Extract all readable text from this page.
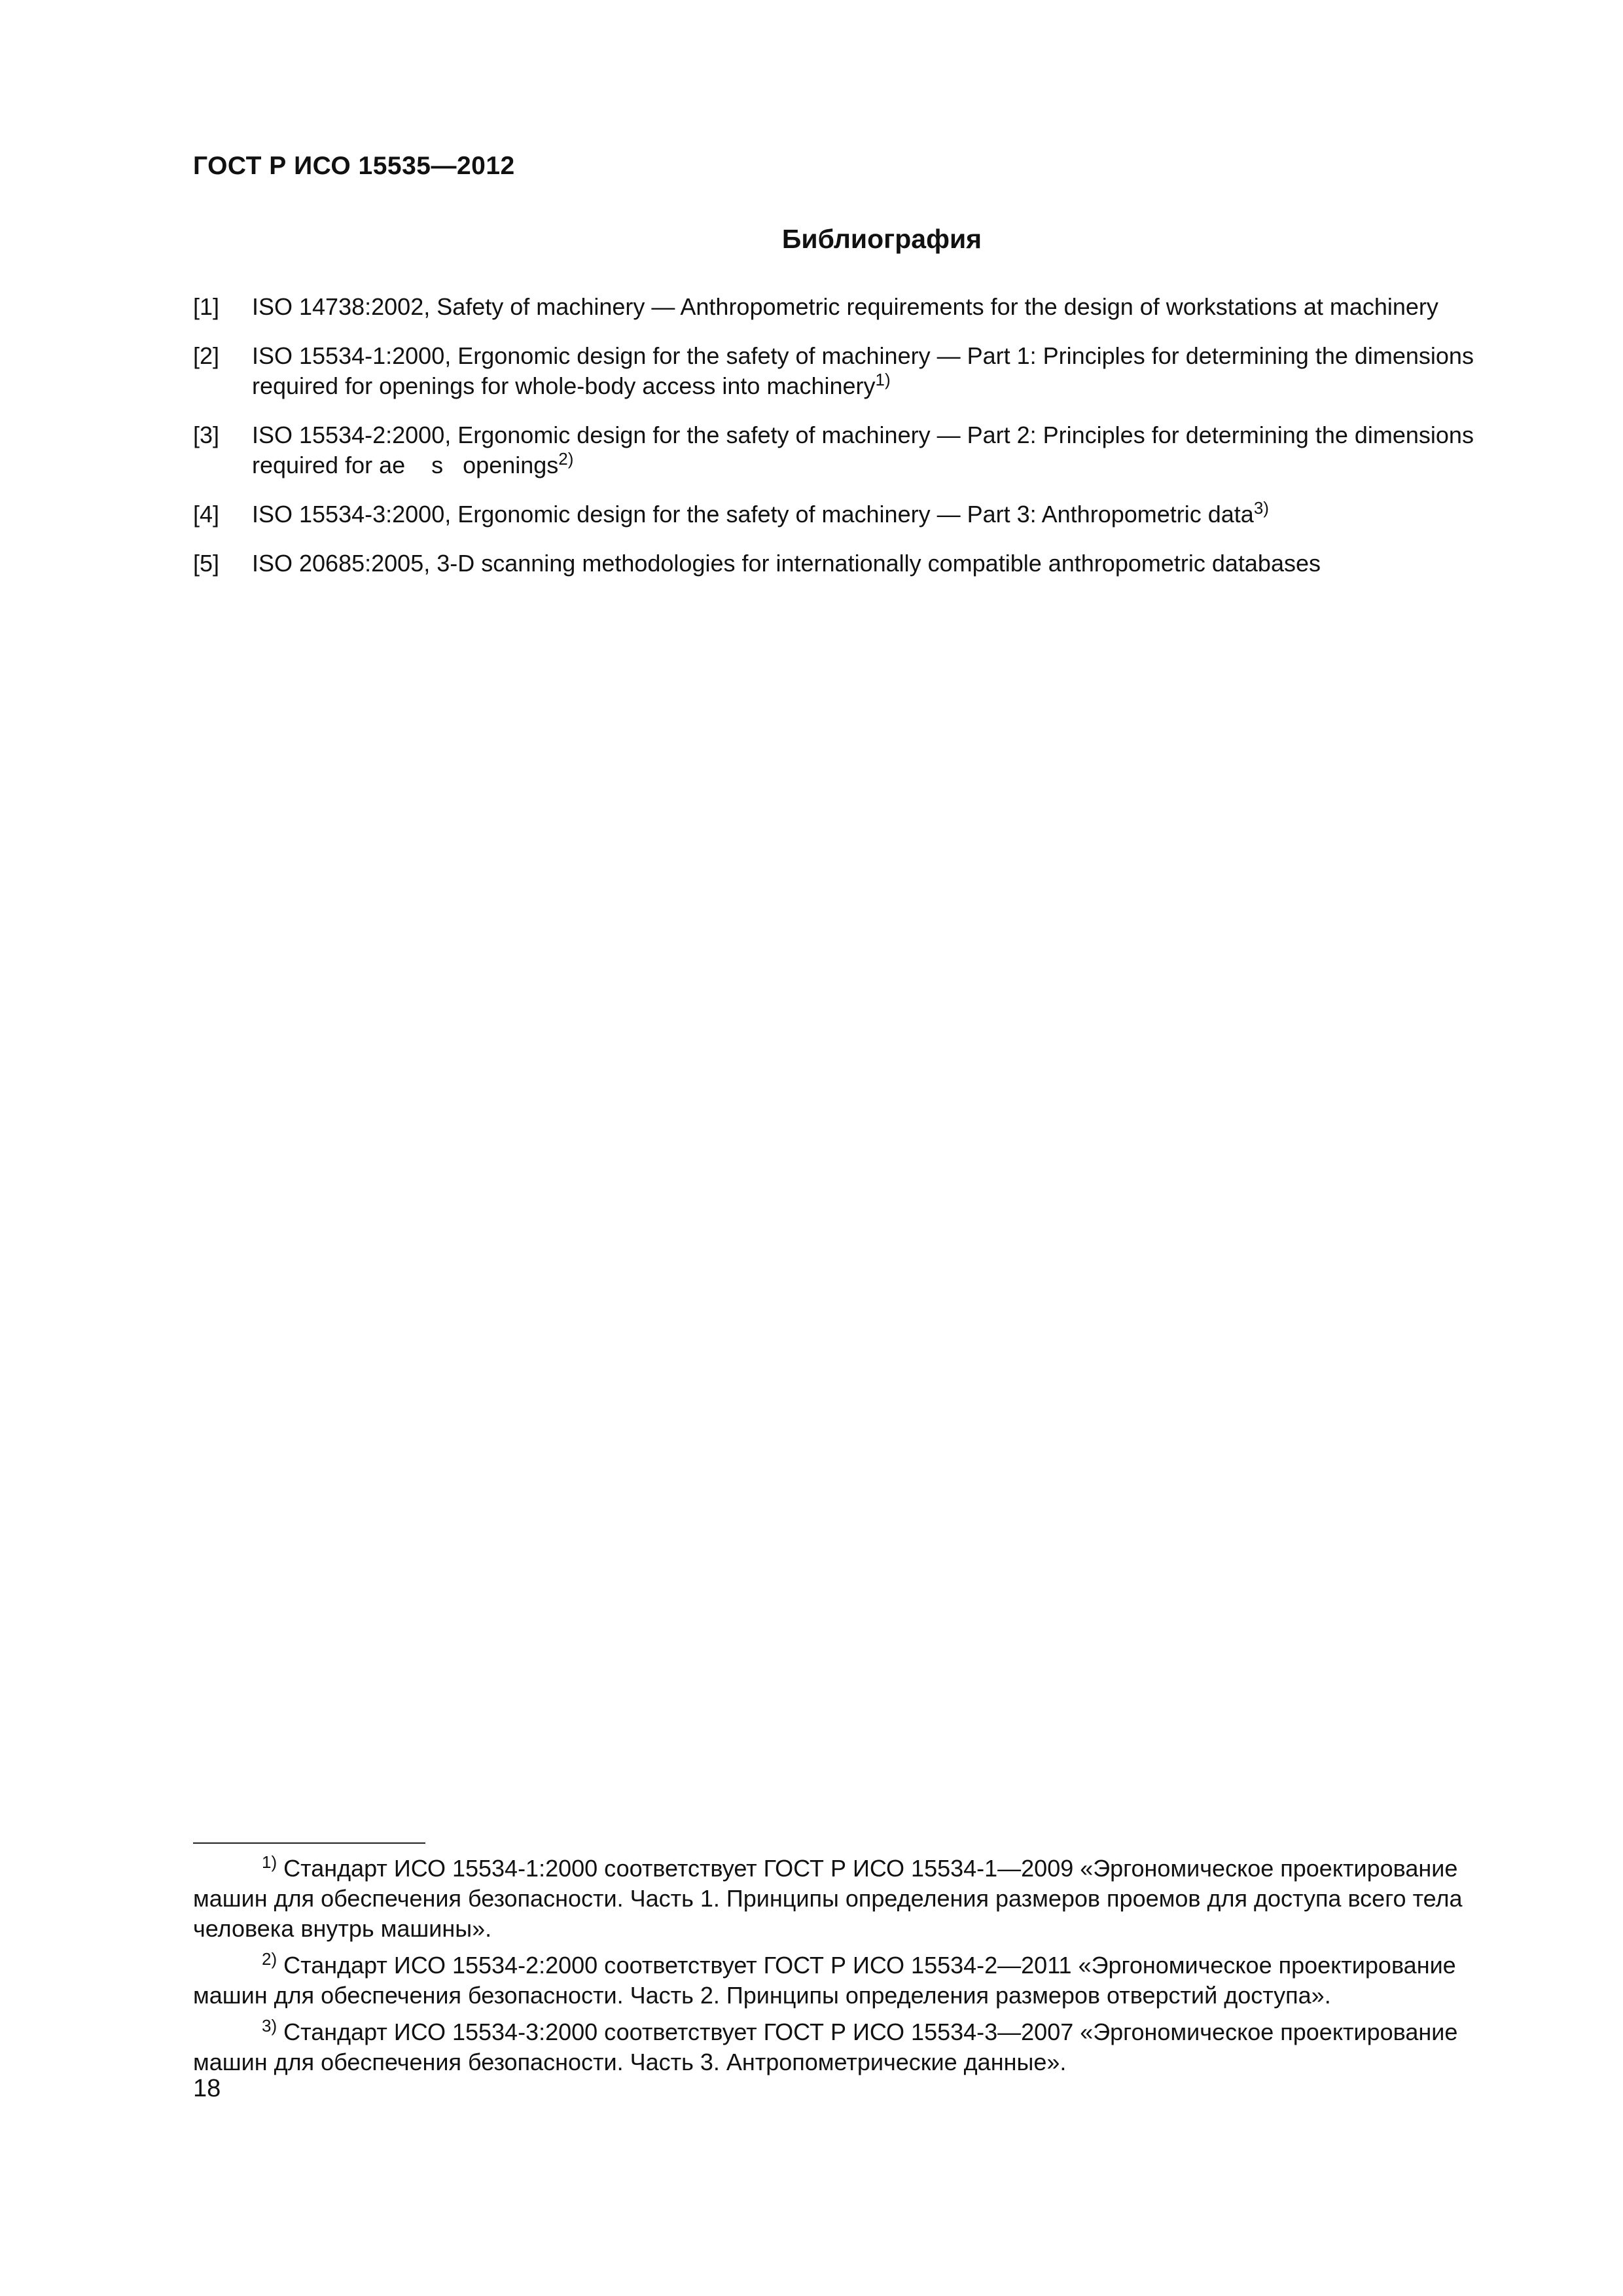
ГОСТ Р ИСО 15535—2012
Библиография
[1]	ISO 14738:2002, Safety of machinery — Anthropometric requirements for the design of workstations at machinery
[2]	ISO 15534-1:2000, Ergonomic design for the safety of machinery — Part 1: Principles for determining the dimensions required for openings for whole-body access into machinery$^{1)}$
[3]	ISO 15534-2:2000, Ergonomic design for the safety of machinery — Part 2: Principles for determining the dimensions required for ae    s   openings$^{2)}$
[4]	ISO 15534-3:2000, Ergonomic design for the safety of machinery — Part 3: Anthropometric data$^{3)}$
[5]	ISO 20685:2005, 3-D scanning methodologies for internationally compatible anthropometric databases

$^{1)}$ Стандарт ИСО 15534-1:2000 соответствует ГОСТ Р ИСО 15534-1—2009 «Эргономическое проектирование машин для обеспечения безопасности. Часть 1. Принципы определения размеров проемов для доступа всего тела человека внутрь машины».

$^{2)}$ Стандарт ИСО 15534-2:2000 соответствует ГОСТ Р ИСО 15534-2—2011 «Эргономическое проектирование машин для обеспечения безопасности. Часть 2. Принципы определения размеров отверстий доступа».

$^{3)}$ Стандарт ИСО 15534-3:2000 соответствует ГОСТ Р ИСО 15534-3—2007 «Эргономическое проектирование машин для обеспечения безопасности. Часть 3. Антропометрические данные».

18
